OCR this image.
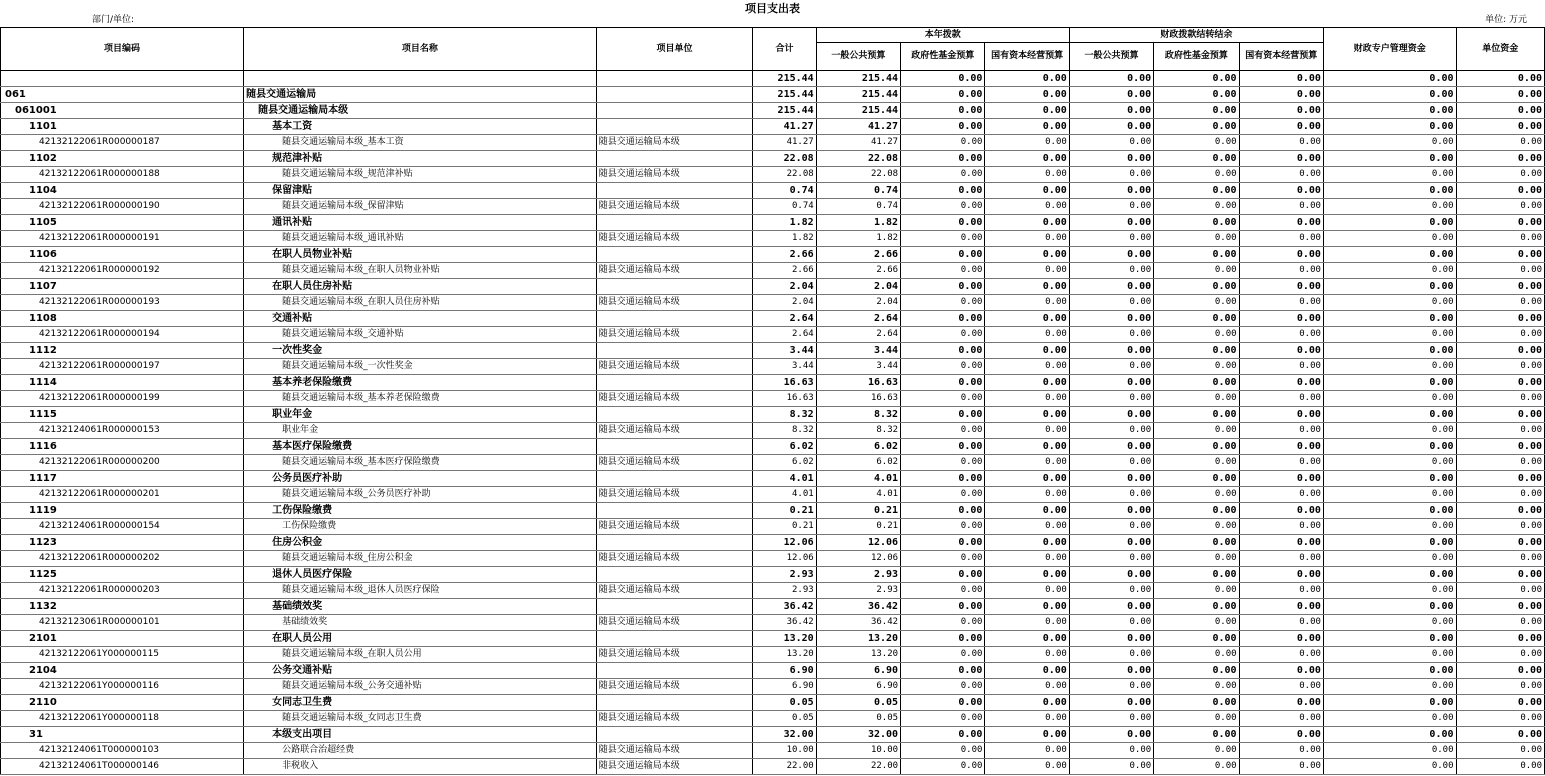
项目支出表
部门/单位:	单位: 万元
项目编码	项目名称	项目单位	合计	本年拨款			财政拨款结转结余			财政专户管理资金	单位资金
				一般公共预算	政府性基金预算	国有资本经营预算	一般公共预算	政府性基金预算	国有资本经营预算		
			215.44	215.44	0.00	0.00	0.00	0.00	0.00	0.00	0.00
061	随县交通运输局		215.44	215.44	0.00	0.00	0.00	0.00	0.00	0.00	0.00
061001	随县交通运输局本级		215.44	215.44	0.00	0.00	0.00	0.00	0.00	0.00	0.00
1101	基本工资		41.27	41.27	0.00	0.00	0.00	0.00	0.00	0.00	0.00
42132122061R000000187	随县交通运输局本级_基本工资	随县交通运输局本级	41.27	41.27	0.00	0.00	0.00	0.00	0.00	0.00	0.00
1102	规范津补贴		22.08	22.08	0.00	0.00	0.00	0.00	0.00	0.00	0.00
42132122061R000000188	随县交通运输局本级_规范津补贴	随县交通运输局本级	22.08	22.08	0.00	0.00	0.00	0.00	0.00	0.00	0.00
1104	保留津贴		0.74	0.74	0.00	0.00	0.00	0.00	0.00	0.00	0.00
42132122061R000000190	随县交通运输局本级_保留津贴	随县交通运输局本级	0.74	0.74	0.00	0.00	0.00	0.00	0.00	0.00	0.00
1105	通讯补贴		1.82	1.82	0.00	0.00	0.00	0.00	0.00	0.00	0.00
42132122061R000000191	随县交通运输局本级_通讯补贴	随县交通运输局本级	1.82	1.82	0.00	0.00	0.00	0.00	0.00	0.00	0.00
1106	在职人员物业补贴		2.66	2.66	0.00	0.00	0.00	0.00	0.00	0.00	0.00
42132122061R000000192	随县交通运输局本级_在职人员物业补贴	随县交通运输局本级	2.66	2.66	0.00	0.00	0.00	0.00	0.00	0.00	0.00
1107	在职人员住房补贴		2.04	2.04	0.00	0.00	0.00	0.00	0.00	0.00	0.00
42132122061R000000193	随县交通运输局本级_在职人员住房补贴	随县交通运输局本级	2.04	2.04	0.00	0.00	0.00	0.00	0.00	0.00	0.00
1108	交通补贴		2.64	2.64	0.00	0.00	0.00	0.00	0.00	0.00	0.00
42132122061R000000194	随县交通运输局本级_交通补贴	随县交通运输局本级	2.64	2.64	0.00	0.00	0.00	0.00	0.00	0.00	0.00
1112	一次性奖金		3.44	3.44	0.00	0.00	0.00	0.00	0.00	0.00	0.00
42132122061R000000197	随县交通运输局本级_一次性奖金	随县交通运输局本级	3.44	3.44	0.00	0.00	0.00	0.00	0.00	0.00	0.00
1114	基本养老保险缴费		16.63	16.63	0.00	0.00	0.00	0.00	0.00	0.00	0.00
42132122061R000000199	随县交通运输局本级_基本养老保险缴费	随县交通运输局本级	16.63	16.63	0.00	0.00	0.00	0.00	0.00	0.00	0.00
1115	职业年金		8.32	8.32	0.00	0.00	0.00	0.00	0.00	0.00	0.00
42132124061R000000153	职业年金	随县交通运输局本级	8.32	8.32	0.00	0.00	0.00	0.00	0.00	0.00	0.00
1116	基本医疗保险缴费		6.02	6.02	0.00	0.00	0.00	0.00	0.00	0.00	0.00
42132122061R000000200	随县交通运输局本级_基本医疗保险缴费	随县交通运输局本级	6.02	6.02	0.00	0.00	0.00	0.00	0.00	0.00	0.00
1117	公务员医疗补助		4.01	4.01	0.00	0.00	0.00	0.00	0.00	0.00	0.00
42132122061R000000201	随县交通运输局本级_公务员医疗补助	随县交通运输局本级	4.01	4.01	0.00	0.00	0.00	0.00	0.00	0.00	0.00
1119	工伤保险缴费		0.21	0.21	0.00	0.00	0.00	0.00	0.00	0.00	0.00
42132124061R000000154	工伤保险缴费	随县交通运输局本级	0.21	0.21	0.00	0.00	0.00	0.00	0.00	0.00	0.00
1123	住房公积金		12.06	12.06	0.00	0.00	0.00	0.00	0.00	0.00	0.00
42132122061R000000202	随县交通运输局本级_住房公积金	随县交通运输局本级	12.06	12.06	0.00	0.00	0.00	0.00	0.00	0.00	0.00
1125	退休人员医疗保险		2.93	2.93	0.00	0.00	0.00	0.00	0.00	0.00	0.00
42132122061R000000203	随县交通运输局本级_退休人员医疗保险	随县交通运输局本级	2.93	2.93	0.00	0.00	0.00	0.00	0.00	0.00	0.00
1132	基础绩效奖		36.42	36.42	0.00	0.00	0.00	0.00	0.00	0.00	0.00
42132123061R000000101	基础绩效奖	随县交通运输局本级	36.42	36.42	0.00	0.00	0.00	0.00	0.00	0.00	0.00
2101	在职人员公用		13.20	13.20	0.00	0.00	0.00	0.00	0.00	0.00	0.00
42132122061Y000000115	随县交通运输局本级_在职人员公用	随县交通运输局本级	13.20	13.20	0.00	0.00	0.00	0.00	0.00	0.00	0.00
2104	公务交通补贴		6.90	6.90	0.00	0.00	0.00	0.00	0.00	0.00	0.00
42132122061Y000000116	随县交通运输局本级_公务交通补贴	随县交通运输局本级	6.90	6.90	0.00	0.00	0.00	0.00	0.00	0.00	0.00
2110	女同志卫生费		0.05	0.05	0.00	0.00	0.00	0.00	0.00	0.00	0.00
42132122061Y000000118	随县交通运输局本级_女同志卫生费	随县交通运输局本级	0.05	0.05	0.00	0.00	0.00	0.00	0.00	0.00	0.00
31	本级支出项目		32.00	32.00	0.00	0.00	0.00	0.00	0.00	0.00	0.00
42132124061T000000103	公路联合治超经费	随县交通运输局本级	10.00	10.00	0.00	0.00	0.00	0.00	0.00	0.00	0.00
42132124061T000000146	非税收入	随县交通运输局本级	22.00	22.00	0.00	0.00	0.00	0.00	0.00	0.00	0.00
